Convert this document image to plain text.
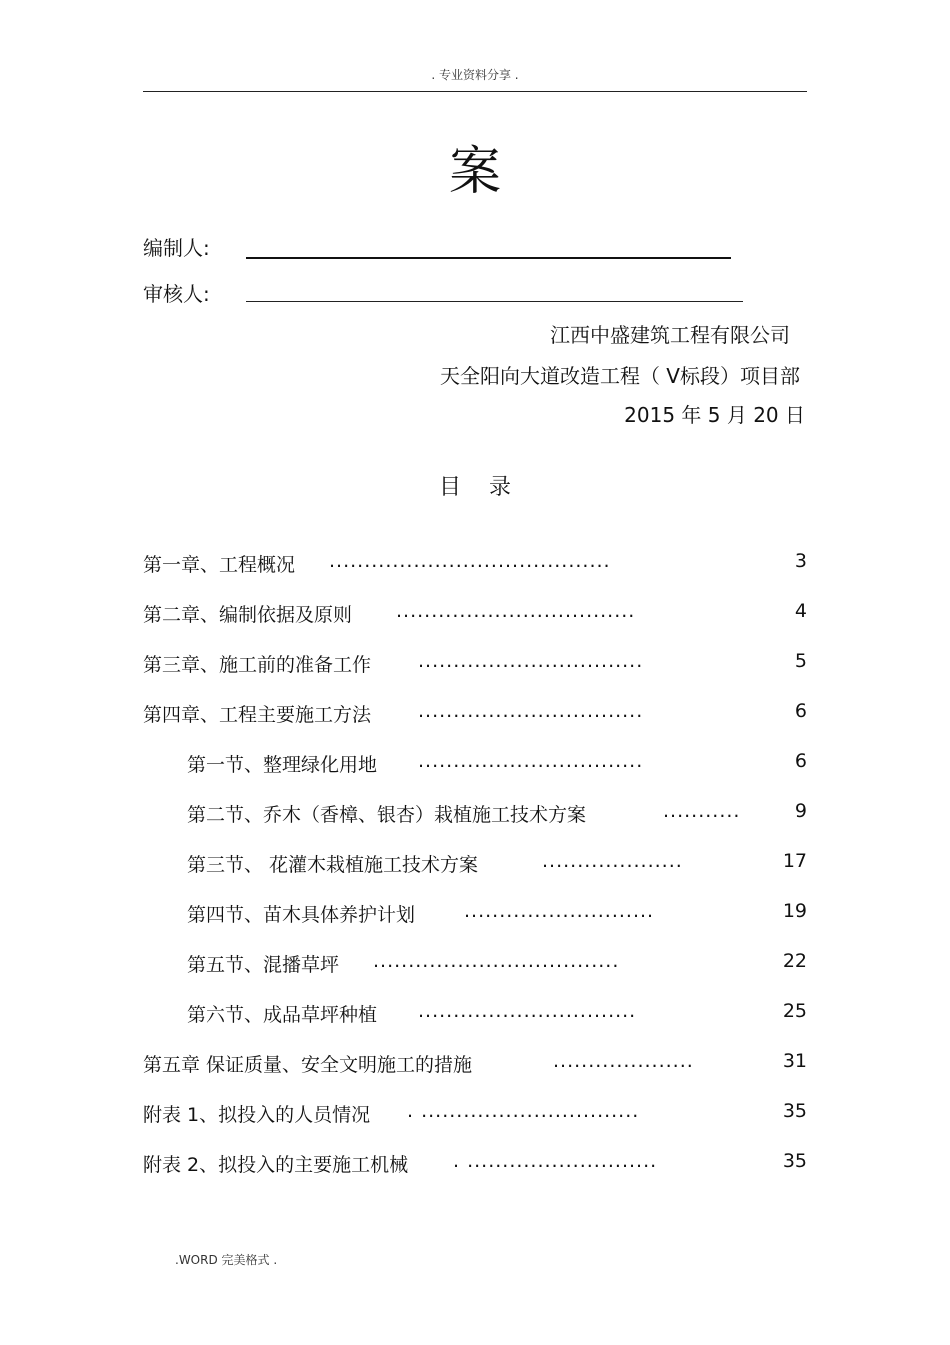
. 专业资料分享 .
案
编制人:
审核人:
江西中盛建筑工程有限公司
天全阳向大道改造工程（ Ⅴ标段）项目部
2015 年 5 月 20 日
目录
第一章、工程概况 ........................................	3
第二章、编制依据及原则 ..................................	4
第三章、施工前的准备工作 ................................	5
第四章、工程主要施工方法 ................................	6
第一节、整理绿化用地 ................................	6
第二节、乔木（香樟、银杏）栽植施工技术方案	...........	9
第三节、 花灌木栽植施工技术方案	....................	17
第四节、苗木具体养护计划	...........................	19
第五节、混播草坪 ...................................	22
第六节、成品草坪种植 ...............................	25
第五章 保证质量、安全文明施工的措施	....................	31
附表 1、拟投入的人员情况 . ...............................	35
附表 2、拟投入的主要施工机械 . ...........................	35
.WORD 完美格式 .
